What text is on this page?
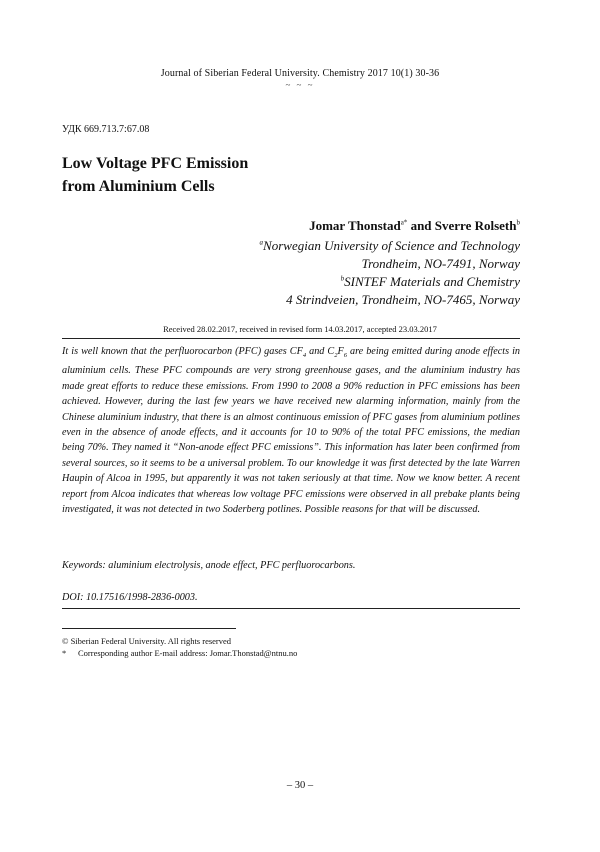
Journal of Siberian Federal University. Chemistry 2017 10(1) 30-36
~ ~ ~
УДК 669.713.7:67.08
Low Voltage PFC Emission
from Aluminium Cells
Jomar Thonstad$^{a*}$ and Sverre Rolseth$^b$
$^a$Norwegian University of Science and Technology
Trondheim, NO-7491, Norway
$^b$SINTEF Materials and Chemistry
4 Strindveien, Trondheim, NO-7465, Norway
Received 28.02.2017, received in revised form 14.03.2017, accepted 23.03.2017
It is well known that the perfluorocarbon (PFC) gases $CF_4$ and $C_2F_6$ are being emitted during anode effects in aluminium cells. These PFC compounds are very strong greenhouse gases, and the aluminium industry has made great efforts to reduce these emissions. From 1990 to 2008 a 90% reduction in PFC emissions has been achieved. However, during the last few years we have received new alarming information, mainly from the Chinese aluminium industry, that there is an almost continuous emission of PFC gases from aluminium potlines even in the absence of anode effects, and it accounts for 10 to 90% of the total PFC emissions, the median being 70%. They named it “Non-anode effect PFC emissions”. This information has later been confirmed from several sources, so it seems to be a universal problem. To our knowledge it was first detected by the late Warren Haupin of Alcoa in 1995, but apparently it was not taken seriously at that time. Now we know better. A recent report from Alcoa indicates that whereas low voltage PFC emissions were observed in all prebake plants being investigated, it was not detected in two Soderberg potlines. Possible reasons for that will be discussed.
Keywords: aluminium electrolysis, anode effect, PFC perfluorocarbons.
DOI: 10.17516/1998-2836-0003.
© Siberian Federal University. All rights reserved
* Corresponding author E-mail address: Jomar.Thonstad@ntnu.no
– 30 –
